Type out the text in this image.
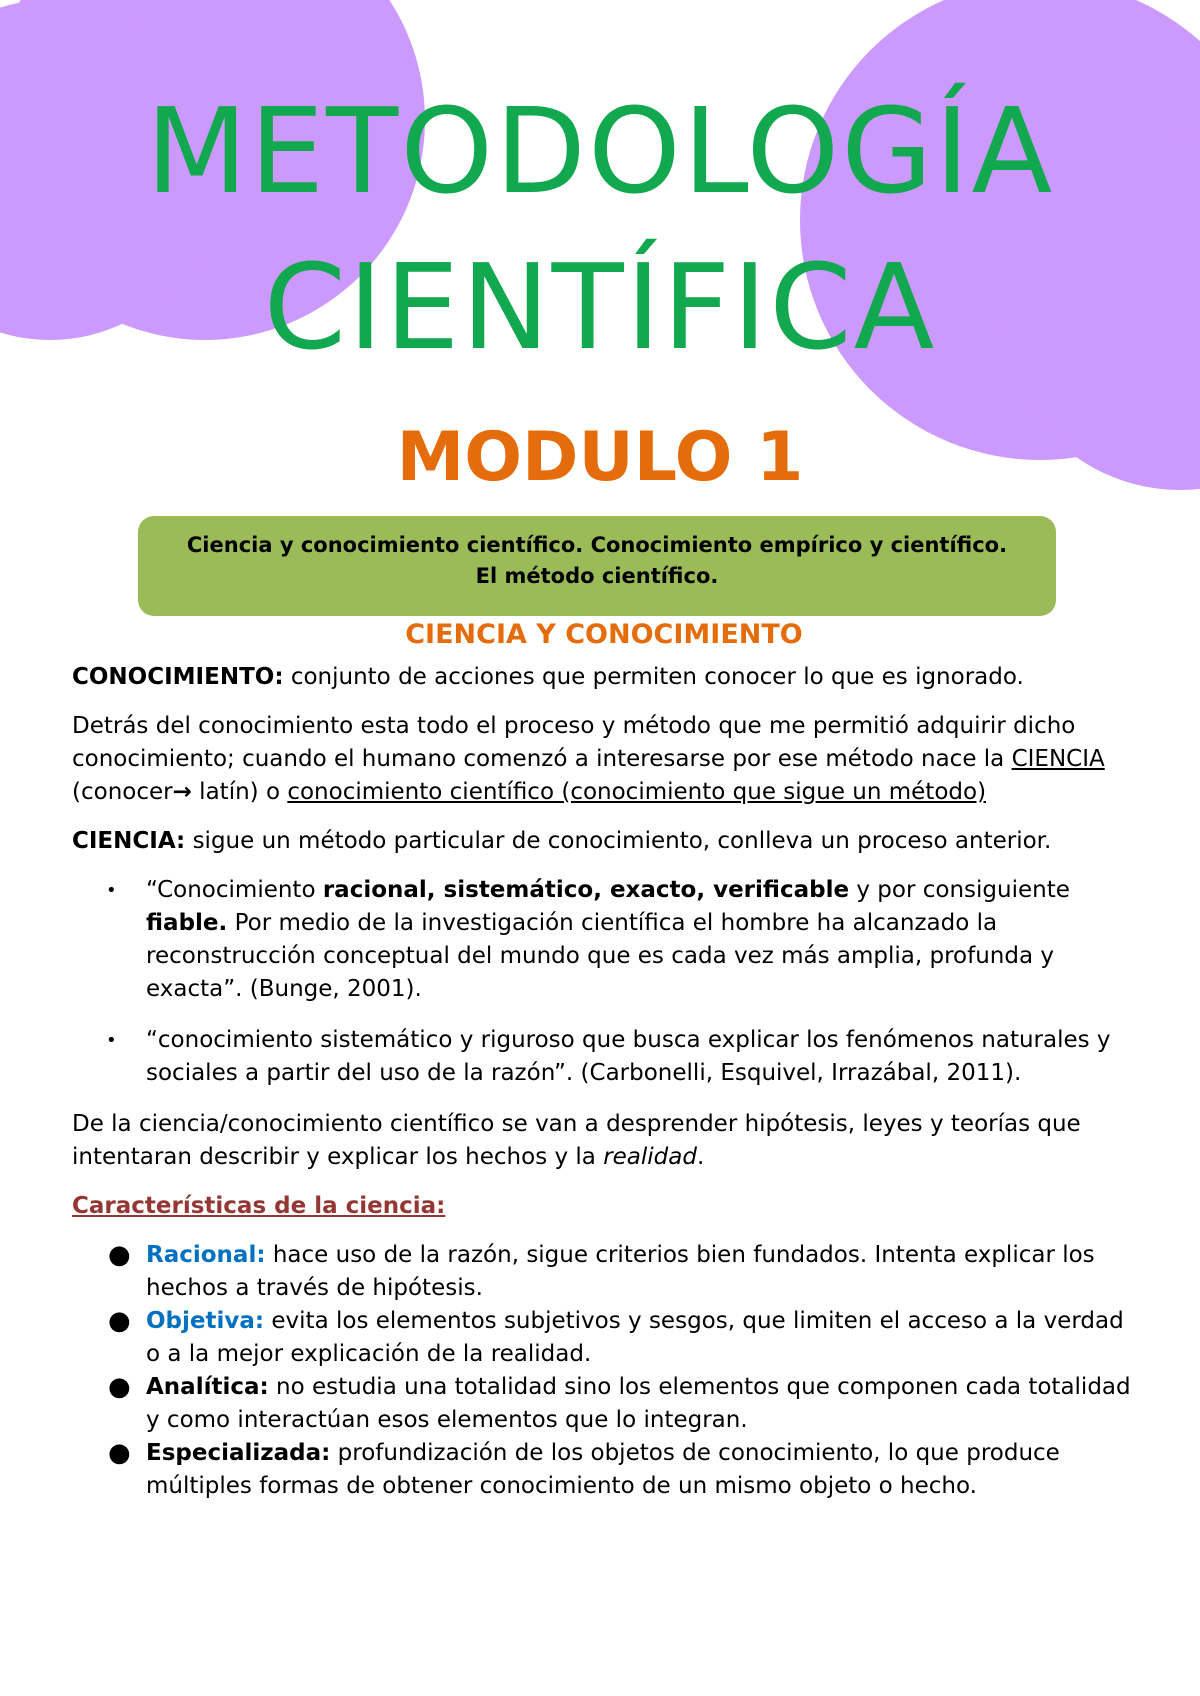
METODOLOGÍA
CIENTÍFICA
MODULO 1
Ciencia y conocimiento científico. Conocimiento empírico y científico.
El método científico.
CIENCIA Y CONOCIMIENTO

CONOCIMIENTO: conjunto de acciones que permiten conocer lo que es ignorado.

Detrás del conocimiento esta todo el proceso y método que me permitió adquirir dicho conocimiento; cuando el humano comenzó a interesarse por ese método nace la CIENCIA (conocer→ latín) o conocimiento científico (conocimiento que sigue un método)

CIENCIA: sigue un método particular de conocimiento, conlleva un proceso anterior.

• “Conocimiento racional, sistemático, exacto, verificable y por consiguiente fiable. Por medio de la investigación científica el hombre ha alcanzado la reconstrucción conceptual del mundo que es cada vez más amplia, profunda y exacta”. (Bunge, 2001).
• “conocimiento sistemático y riguroso que busca explicar los fenómenos naturales y sociales a partir del uso de la razón”. (Carbonelli, Esquivel, Irrazábal, 2011).

De la ciencia/conocimiento científico se van a desprender hipótesis, leyes y teorías que intentaran describir y explicar los hechos y la realidad.

Características de la ciencia:
● Racional: hace uso de la razón, sigue criterios bien fundados. Intenta explicar los hechos a través de hipótesis.
● Objetiva: evita los elementos subjetivos y sesgos, que limiten el acceso a la verdad o a la mejor explicación de la realidad.
● Analítica: no estudia una totalidad sino los elementos que componen cada totalidad y como interactúan esos elementos que lo integran.
● Especializada: profundización de los objetos de conocimiento, lo que produce múltiples formas de obtener conocimiento de un mismo objeto o hecho.
